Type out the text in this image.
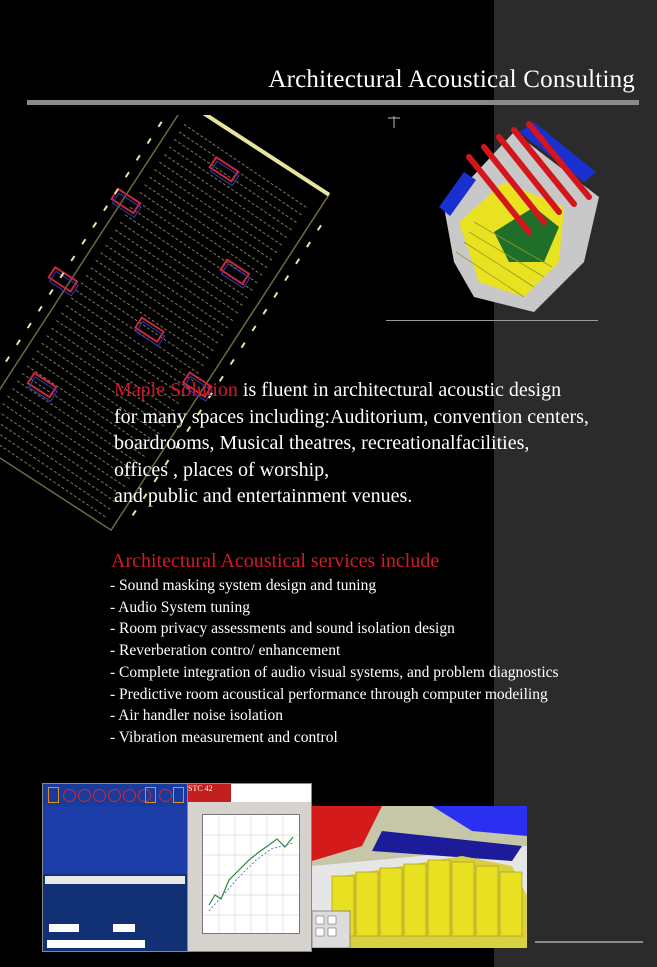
Architectural Acoustical Consulting
Maple Solution is fluent in architectural acoustic design
for many spaces including:Auditorium, convention centers,
boardrooms, Musical theatres, recreationalfacilities,
offices , places of worship,
and public and entertainment venues.
Architectural Acoustical services include
- Sound masking system design and tuning
- Audio System tuning
- Room privacy assessments and sound isolation design
- Reverberation contro/ enhancement
- Complete integration of audio visual systems, and problem diagnostics
- Predictive room acoustical performance through computer modeiling
- Air handler noise isolation
- Vibration measurement and control
STC 42
